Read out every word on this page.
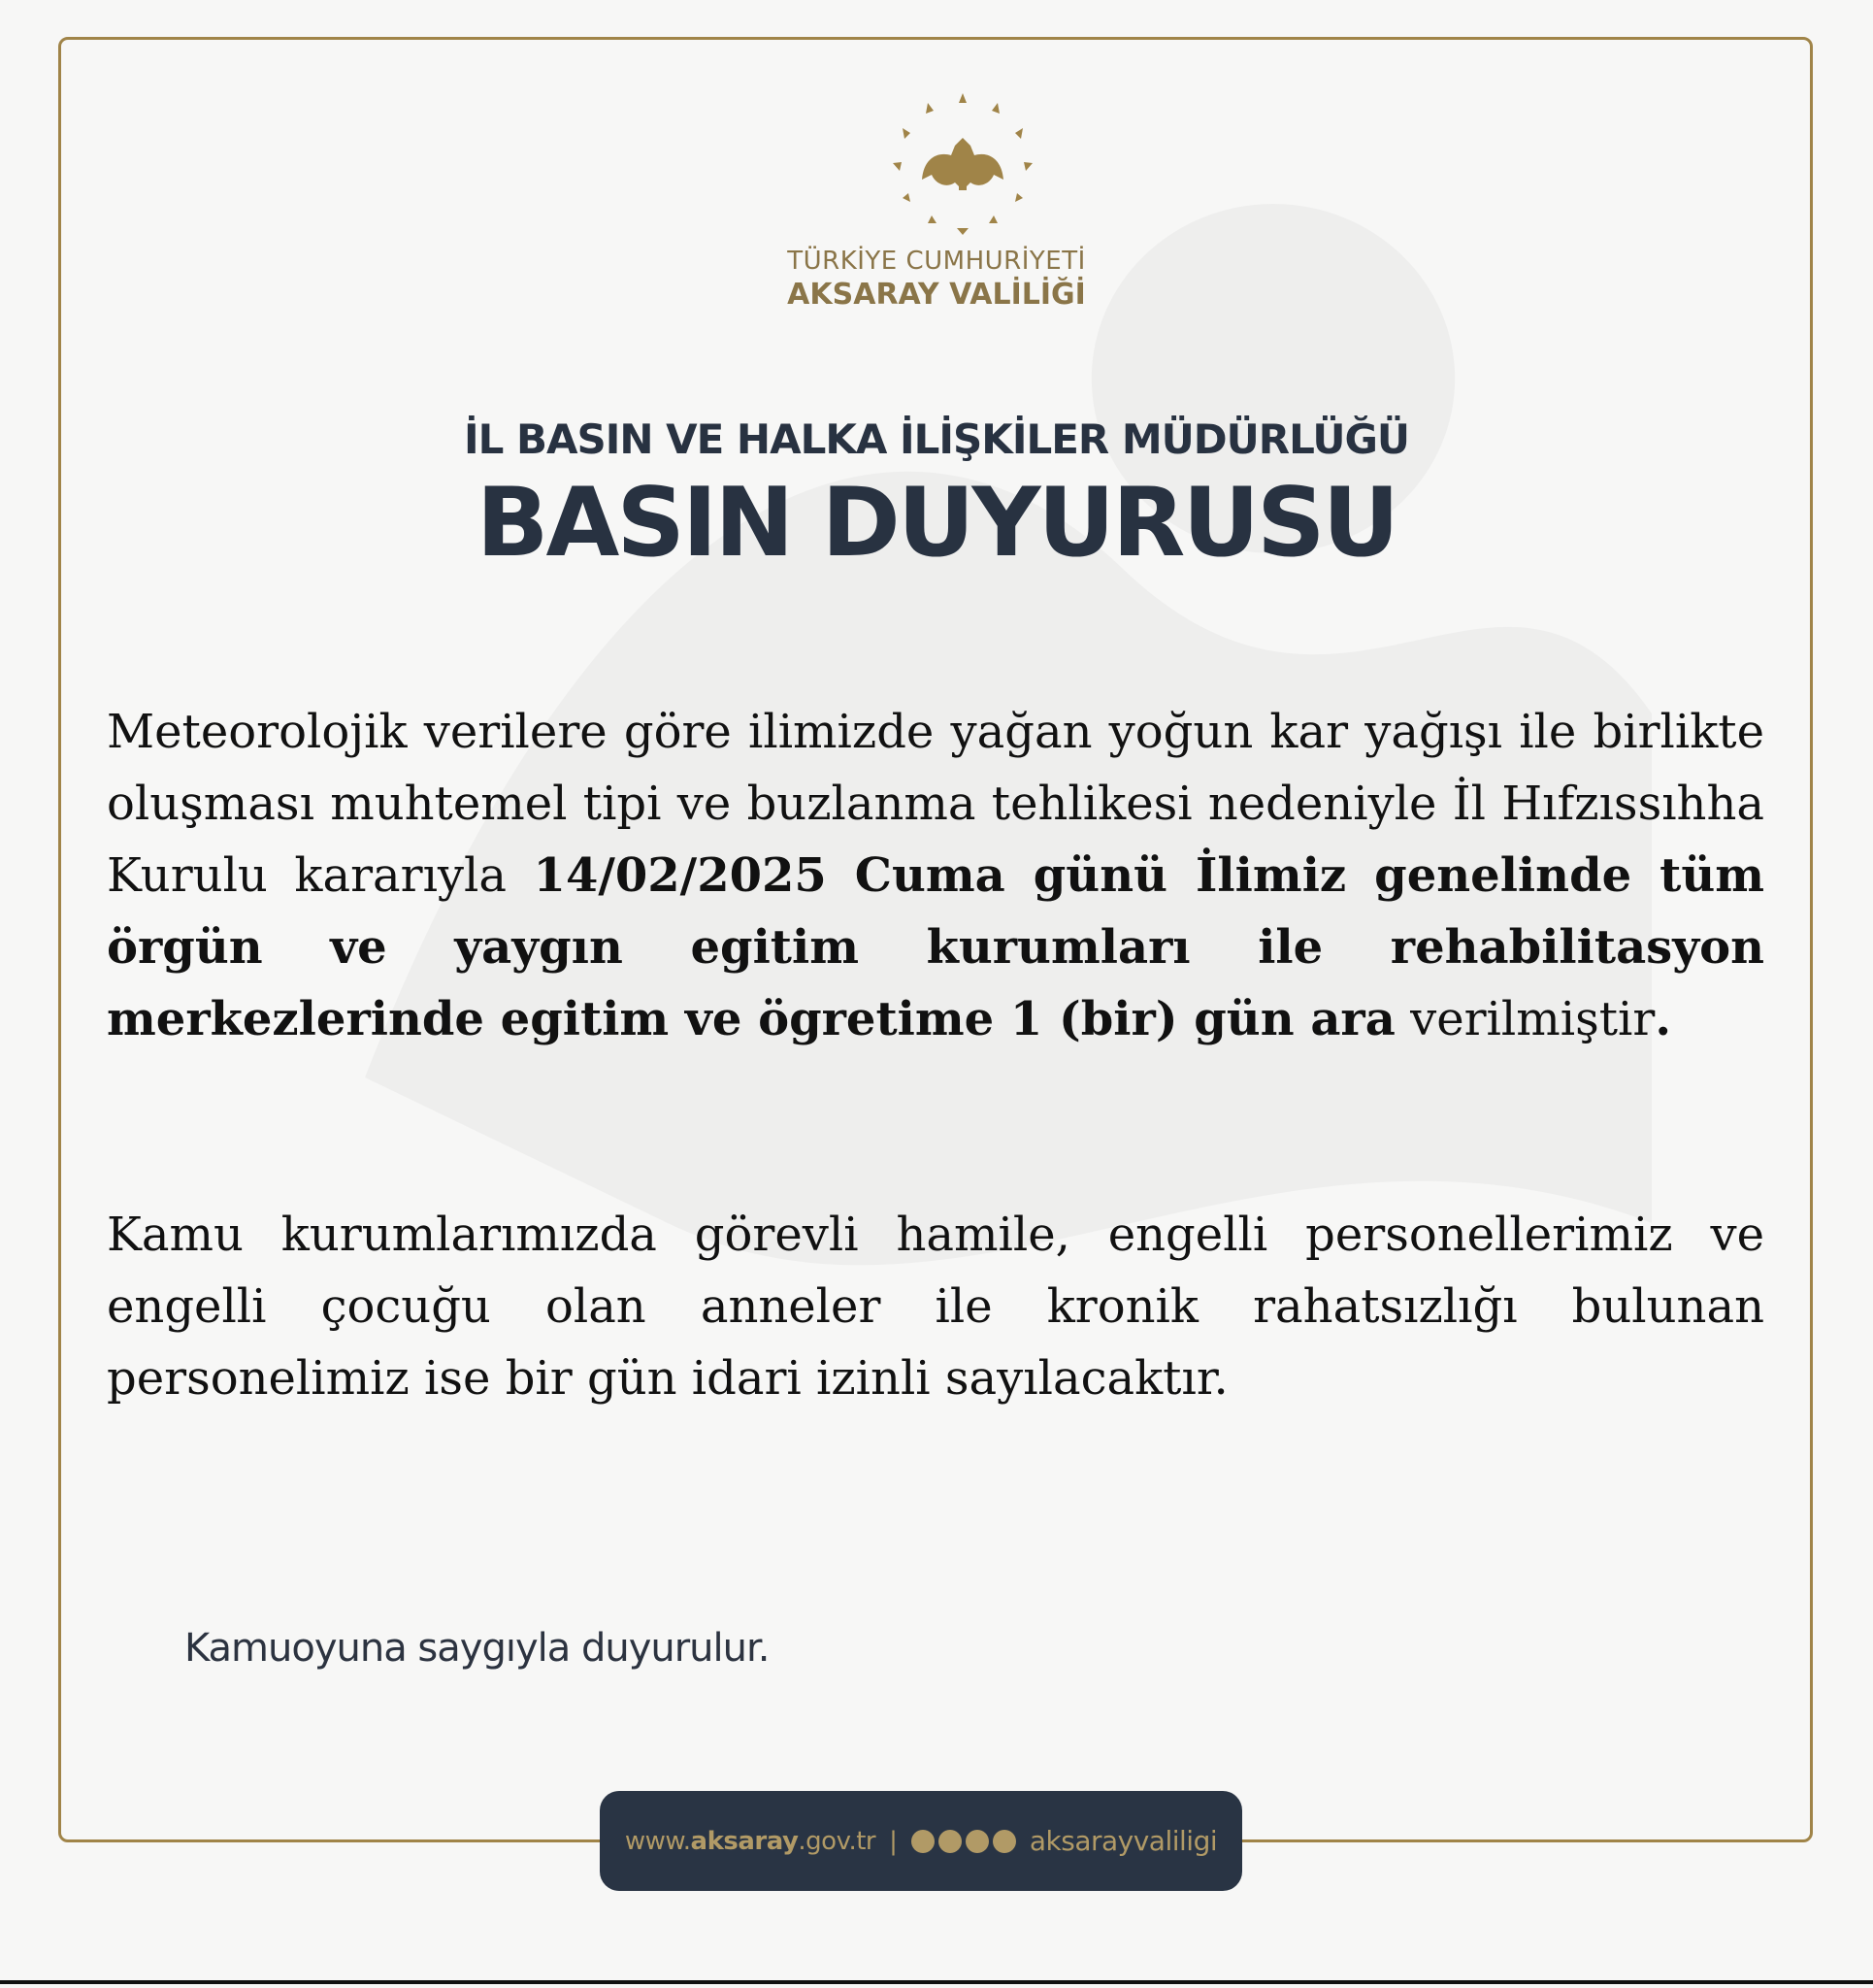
TÜRKİYE CUMHURİYETİ
AKSARAY VALİLİĞİ
İL BASIN VE HALKA İLİŞKİLER MÜDÜRLÜĞÜ
BASIN DUYURUSU
Meteorolojik verilere göre ilimizde yağan yoğun kar yağışı ile birlikte oluşması muhtemel tipi ve buzlanma tehlikesi nedeniyle İl Hıfzıssıhha Kurulu kararıyla 14/02/2025 Cuma günü İlimiz genelinde tüm örgün ve yaygın egitim kurumları ile rehabilitasyon merkezlerinde egitim ve ögretime 1 (bir) gün ara verilmiştir.
Kamu kurumlarımızda görevli hamile, engelli personellerimiz ve engelli çocuğu olan anneler ile kronik rahatsızlığı bulunan personelimiz ise bir gün idari izinli sayılacaktır.
Kamuoyuna saygıyla duyurulur.
www.aksaray.gov.tr |	aksarayvaliligi
